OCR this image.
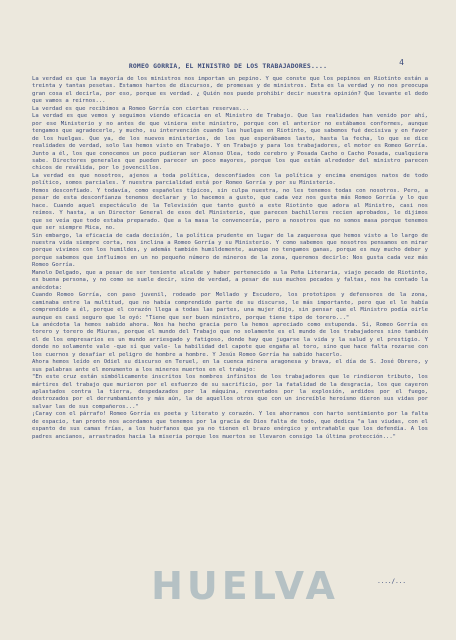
4
ROMEO GORRIA, EL MINISTRO DE LOS TRABAJADORES....

La verdad es que la mayoría de los ministros nos importan un pepino. Y que conste que los pepinos en Riotinto están a treinta y tantas pesetas. Estamos hartos de discursos, de promesas y de ministros. Esta es la verdad y no nos preocupa gran cosa el decirla, por eso, porque es verdad. ¿ Quién nos puede prohibir decir nuestra opinión? Que levante el dedo que vamos a reirnos...

La verdad es que recibimos a Romeo Gorría con ciertas reservas...

La verdad es que vemos y seguimos viendo eficacia en el Ministro de Trabajo. Que las realidades han venido por ahí, por ese Ministerio y no antes de que viniera este ministro, porque con el anterior no estábamos conformes, aunque tengamos que agradecerle, y mucho, su intervención cuando las huelgas en Riotinto, que sabemos fué decisiva y en favor de los huelgas. Que ya, de los nuevos ministerios, de los que esperábamos lasto, hasta la fecha, lo que se dice realidades de verdad, solo las hemos visto en Trabajo. Y en Trabajo y para los trabajadores, el motor es Romeo Gorría. Junto a él, los que conocemos un poco pudieran ser Alonso Olea, todo cerebro y Posada Cacho o Cacho Posada, cualquiera sabe. Directores generales que pueden parecer un poco mayores, porque los que están alrededor del ministro parecen chicos de reválida, por lo jovencillos.

La verdad es que nosotros, ajenos a toda política, desconfiados con la política y encima enemigos natos de todo político, somos parciales. Y nuestra parcialidad está por Romeo Gorría y por su Ministerio.

Hemos desconfiado. Y todavía, como españoles típicos, sin culpa nuestra, no les tenemos todas con nosotros. Pero, a pesar de esta desconfianza tenemos declarar y lo hacemos a gusto, que cada vez nos gusta más Romeo Gorría y lo que hace. Cuando aquel espectáculo de la Televisión que tanto gustó a este Riotinto que adora al Ministro, casi nos reímos. Y hasta, a un Director General de esos del Ministerio, que parecen bachilleres recien aprobados, le dijimos que se veía que todo estaba preparado. Que a la masa le convencería, pero a nosotros que no somos masa porque tenemos que ser siempre Mica, no.

Sin embargo, la eficacia de cada decisión, la política prudente en lugar de la zaquerosa que hemos visto a lo largo de nuestra vida siempre corta, nos inclina a Romeo Gorría y su Ministerio. Y como sabemos que nosotros pensamos en mirar porque vivimos con los humildes, y además también humildemente, aunque no tengamos ganas, porque es muy mucho deber y porque sabemos que influimos en un no pequeño número de mineros de la zona, queremos decirlo: Nos gusta cada vez más Romeo Gorría.

Manolo Delgado, que a pesar de ser teniente alcalde y haber pertenecido a la Peña Literaria, viajo pecado de Riotinto, es buena persona, y no como se suele decir, sino de verdad, a pesar de sus muchos pecados y faltas, nos ha contado la anécdota:

Cuando Romeo Gorría, con paso juvenil, rodeado por Mellado y Escudero, los prototipos y defensores de la zona, caminaba entre la multitud, que no había comprendido parte de su discurso, le más importante, pero que el le había comprendido a él, porque el corazón llega a todas las partes, una mujer dijo, sin pensar que el Ministro podía oirle aunque es casi seguro que le oyó: "Tiene que ser buen ministro, porque tiene tipo de torero..."

La anécdota la hemos sabido ahora. Nos ha hecho gracia pero la hemos apreciado como estupenda. Sí, Romeo Gorría es torero y torero de Miuras, porque el mundo del Trabajo que no solamente es el mundo de los trabajadores sino también el de los empresarios es un mundo arriesgado y fatigoso, donde hay que jugarse la vida y la salud y el prestigio. Y donde no solamente vale -que sí que vale- la habilidad del capote que engaña al toro, sino que hace falta rozarse con los cuernos y desafiar el peligro de hombre a hombre. Y Jesús Romeo Gorría ha sabido hacerlo.

Ahora hemos leído en Odiel su discurso en Teruel, en la cuenca minera aragonesa y brava, el día de S. José Obrero, y sus palabras ante el monumento a los mineros muertos en el trabajo:

"En este cruz están simbólicamente inscritos los nombres infinitos de los trabajadores que le rindieron tributo, los mártires del trabajo que murieron por el esfuerzo de su sacrificio, por la fatalidad de la desgracia, los que cayeron aplastados contra la tierra, despedazados por la máquina, reventados por la explosión, ardidos por el fuego, destrozados por el derrumbamiento y más aún, la de aquellos otros que con un increíble heroísmo dieron sus vidas por salvar las de sus compañeros..."

¡Caray con el párrafo! Romeo Gorría es poeta y literato y corazón. Y les ahorramos con harto sentimiento por la falta de espacio, tan pronto nos acordamos que tenemos por la gracia de Dios falta de todo, que dedica "a las viudas, con el espanto de sus camas frías, a los huérfanos que ya no tienen el brazo enérgico y entrañable que los defendía. A los padres ancianos, arrastrados hacia la miseria porque los muertos se llevaron consigo la última protección..."

..../...
HUELVA
